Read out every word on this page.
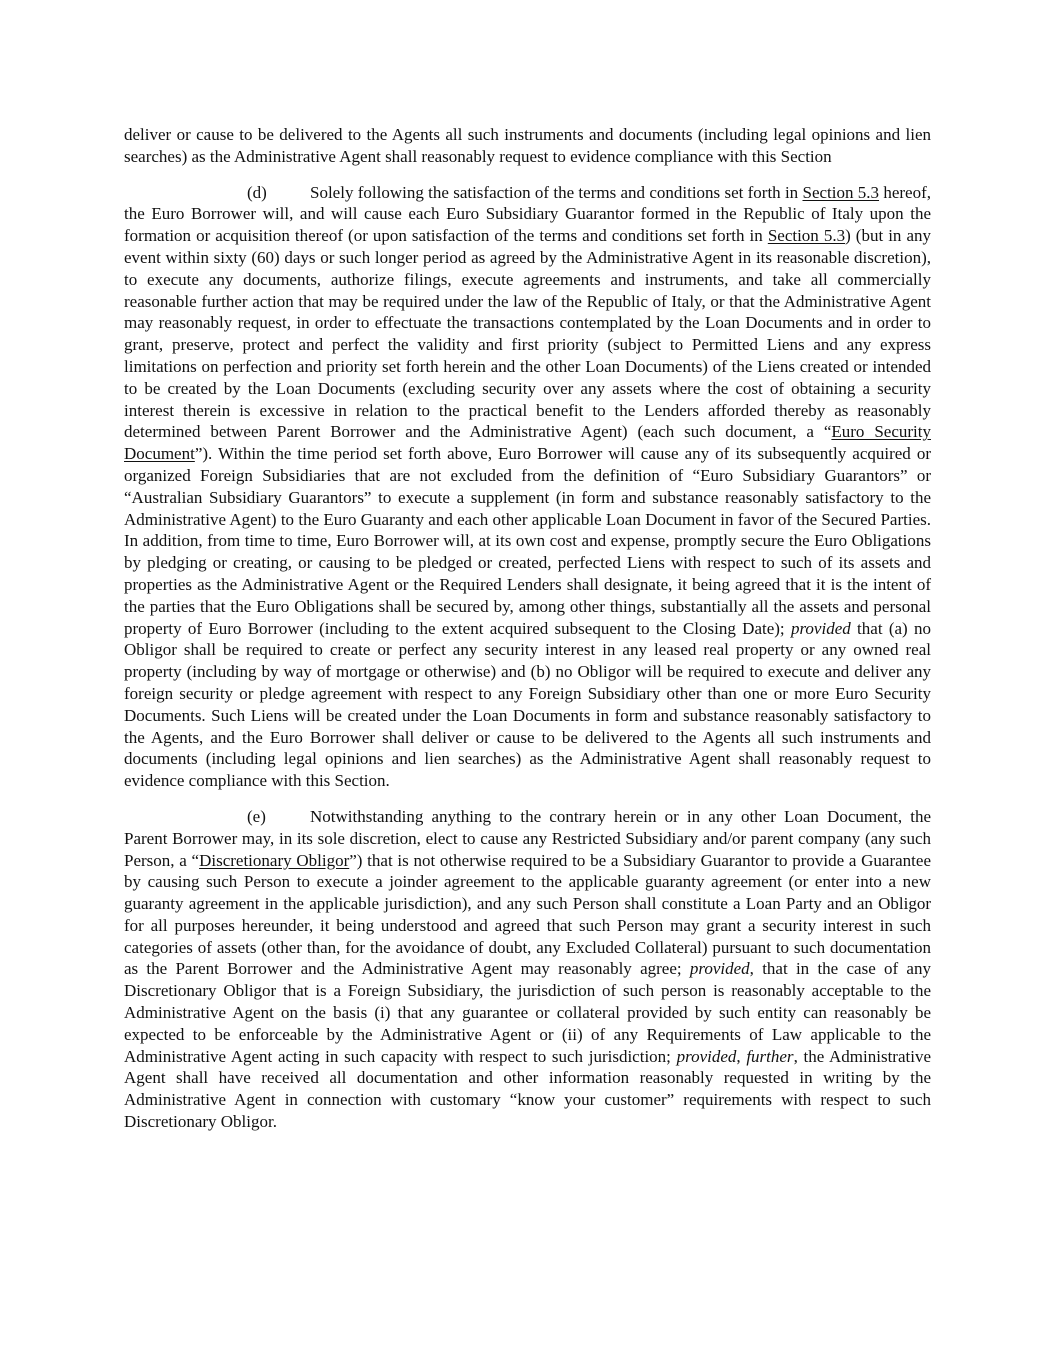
deliver or cause to be delivered to the Agents all such instruments and documents (including legal opinions and lien searches) as the Administrative Agent shall reasonably request to evidence compliance with this Section

(d)	Solely following the satisfaction of the terms and conditions set forth in Section 5.3 hereof, the Euro Borrower will, and will cause each Euro Subsidiary Guarantor formed in the Republic of Italy upon the formation or acquisition thereof (or upon satisfaction of the terms and conditions set forth in Section 5.3) (but in any event within sixty (60) days or such longer period as agreed by the Administrative Agent in its reasonable discretion), to execute any documents, authorize filings, execute agreements and instruments, and take all commercially reasonable further action that may be required under the law of the Republic of Italy, or that the Administrative Agent may reasonably request, in order to effectuate the transactions contemplated by the Loan Documents and in order to grant, preserve, protect and perfect the validity and first priority (subject to Permitted Liens and any express limitations on perfection and priority set forth herein and the other Loan Documents) of the Liens created or intended to be created by the Loan Documents (excluding security over any assets where the cost of obtaining a security interest therein is excessive in relation to the practical benefit to the Lenders afforded thereby as reasonably determined between Parent Borrower and the Administrative Agent) (each such document, a “Euro Security Document”). Within the time period set forth above, Euro Borrower will cause any of its subsequently acquired or organized Foreign Subsidiaries that are not excluded from the definition of “Euro Subsidiary Guarantors” or “Australian Subsidiary Guarantors” to execute a supplement (in form and substance reasonably satisfactory to the Administrative Agent) to the Euro Guaranty and each other applicable Loan Document in favor of the Secured Parties. In addition, from time to time, Euro Borrower will, at its own cost and expense, promptly secure the Euro Obligations by pledging or creating, or causing to be pledged or created, perfected Liens with respect to such of its assets and properties as the Administrative Agent or the Required Lenders shall designate, it being agreed that it is the intent of the parties that the Euro Obligations shall be secured by, among other things, substantially all the assets and personal property of Euro Borrower (including to the extent acquired subsequent to the Closing Date); provided that (a) no Obligor shall be required to create or perfect any security interest in any leased real property or any owned real property (including by way of mortgage or otherwise) and (b) no Obligor will be required to execute and deliver any foreign security or pledge agreement with respect to any Foreign Subsidiary other than one or more Euro Security Documents. Such Liens will be created under the Loan Documents in form and substance reasonably satisfactory to the Agents, and the Euro Borrower shall deliver or cause to be delivered to the Agents all such instruments and documents (including legal opinions and lien searches) as the Administrative Agent shall reasonably request to evidence compliance with this Section.

(e)	Notwithstanding anything to the contrary herein or in any other Loan Document, the Parent Borrower may, in its sole discretion, elect to cause any Restricted Subsidiary and/or parent company (any such Person, a “Discretionary Obligor”) that is not otherwise required to be a Subsidiary Guarantor to provide a Guarantee by causing such Person to execute a joinder agreement to the applicable guaranty agreement (or enter into a new guaranty agreement in the applicable jurisdiction), and any such Person shall constitute a Loan Party and an Obligor for all purposes hereunder, it being understood and agreed that such Person may grant a security interest in such categories of assets (other than, for the avoidance of doubt, any Excluded Collateral) pursuant to such documentation as the Parent Borrower and the Administrative Agent may reasonably agree; provided, that in the case of any Discretionary Obligor that is a Foreign Subsidiary, the jurisdiction of such person is reasonably acceptable to the Administrative Agent on the basis (i) that any guarantee or collateral provided by such entity can reasonably be expected to be enforceable by the Administrative Agent or (ii) of any Requirements of Law applicable to the Administrative Agent acting in such capacity with respect to such jurisdiction; provided, further, the Administrative Agent shall have received all documentation and other information reasonably requested in writing by the Administrative Agent in connection with customary “know your customer” requirements with respect to such Discretionary Obligor.
